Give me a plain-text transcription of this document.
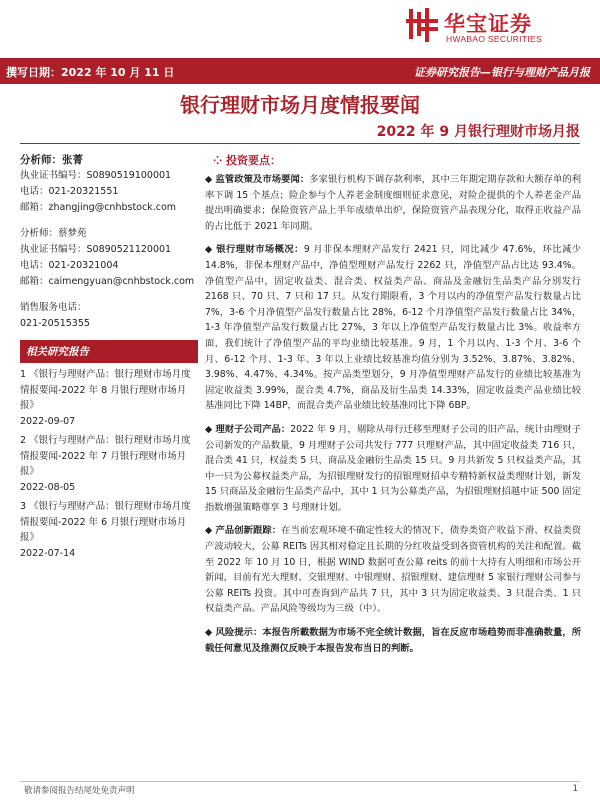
华宝证券
HWABAO SECURITIES
撰写日期：2022 年 10 月 11 日	证券研究报告—银行与理财产品月报
银行理财市场月度情报要闻
2022 年 9 月银行理财市场月报
分析师：张菁
执业证书编号：S0890519100001
电话：021-20321551
邮箱：zhangjing@cnhbstock.com
分析师：蔡梦苑
执业证书编号：S0890521120001
电话：021-20321004
邮箱：caimengyuan@cnhbstock.com
销售服务电话：
021-20515355
相关研究报告
1 《银行与理财产品：银行理财市场月度情报要闻-2022 年 8 月银行理财市场月报》
2022-09-07
2 《银行与理财产品：银行理财市场月度情报要闻-2022 年 7 月银行理财市场月报》
2022-08-05
3 《银行与理财产品：银行理财市场月度情报要闻-2022 年 6 月银行理财市场月报》
2022-07-14
⁘ 投资要点：
◆ 监管政策及市场要闻：多家银行机构下调存款利率，其中三年期定期存款和大额存单的利率下调 15 个基点；险企参与个人养老金制度细则征求意见，对险企提供的个人养老金产品提出明确要求；保险资管产品上半年成绩单出炉，保险资管产品表现分化，取得正收益产品的占比低于 2021 年同期。
◆ 银行理财市场概况：9 月非保本理财产品发行 2421 只，同比减少 47.6%，环比减少 14.8%，非保本理财产品中，净值型理财产品发行 2262 只，净值型产品占比达 93.4%。净值型产品中，固定收益类、混合类、权益类产品、商品及金融衍生品类产品分别发行 2168 只、70 只、7 只和 17 只。从发行期限看，3 个月以内的净值型产品发行数量占比 7%，3-6 个月净值型产品发行数量占比 28%，6-12 个月净值型产品发行数量占比 34%，1-3 年净值型产品发行数量占比 27%，3 年以上净值型产品发行数量占比 3%。收益率方面，我们统计了净值型产品的平均业绩比较基准。9 月，1 个月以内、1-3 个月、3-6 个月、6-12 个月、1-3 年、3 年以上业绩比较基准均值分别为 3.52%、3.87%、3.82%、3.98%、4.47%、4.34%。按产品类型划分，9 月净值型理财产品发行的业绩比较基准为固定收益类 3.99%，混合类 4.7%，商品及衍生品类 14.33%，固定收益类产品业绩比较基准同比下降 14BP，而混合类产品业绩比较基准同比下降 6BP。
◆ 理财子公司产品：2022 年 9 月，剔除从母行迁移至理财子公司的旧产品，统计由理财子公司新发的产品数量，9 月理财子公司共发行 777 只理财产品，其中固定收益类 716 只，混合类 41 只，权益类 5 只，商品及金融衍生品类 15 只。9 月共新发 5 只权益类产品，其中一只为公募权益类产品，为招银理财发行的招银理财招卓专精特新权益类理财计划，新发 15 只商品及金融衍生品类产品中，其中 1 只为公募类产品，为招银理财招越中证 500 固定指数增强策略尊享 3 号理财计划。
◆ 产品创新跟踪：在当前宏观环境不确定性较大的情况下，债券类资产收益下滑、权益类资产波动较大，公募 REITs 因其相对稳定且长期的分红收益受到各资管机构的关注和配置。截至 2022 年 10 月 10 日，根据 WIND 数据可查公募 reits 的前十大持有人明细和市场公开新闻，目前有光大理财、交银理财、中银理财、招银理财、建信理财 5 家银行理财公司参与公募 REITs 投资。其中可查询到产品共 7 只，其中 3 只为固定收益类、3 只混合类、1 只权益类产品。产品风险等级均为三级（中）。
◆ 风险提示：本报告所載数据为市场不完全统计数据，旨在反应市场趋势而非准确数量，所载任何意见及推测仅反映于本报告发布当日的判断。
敬请参阅报告结尾处免责声明	1
